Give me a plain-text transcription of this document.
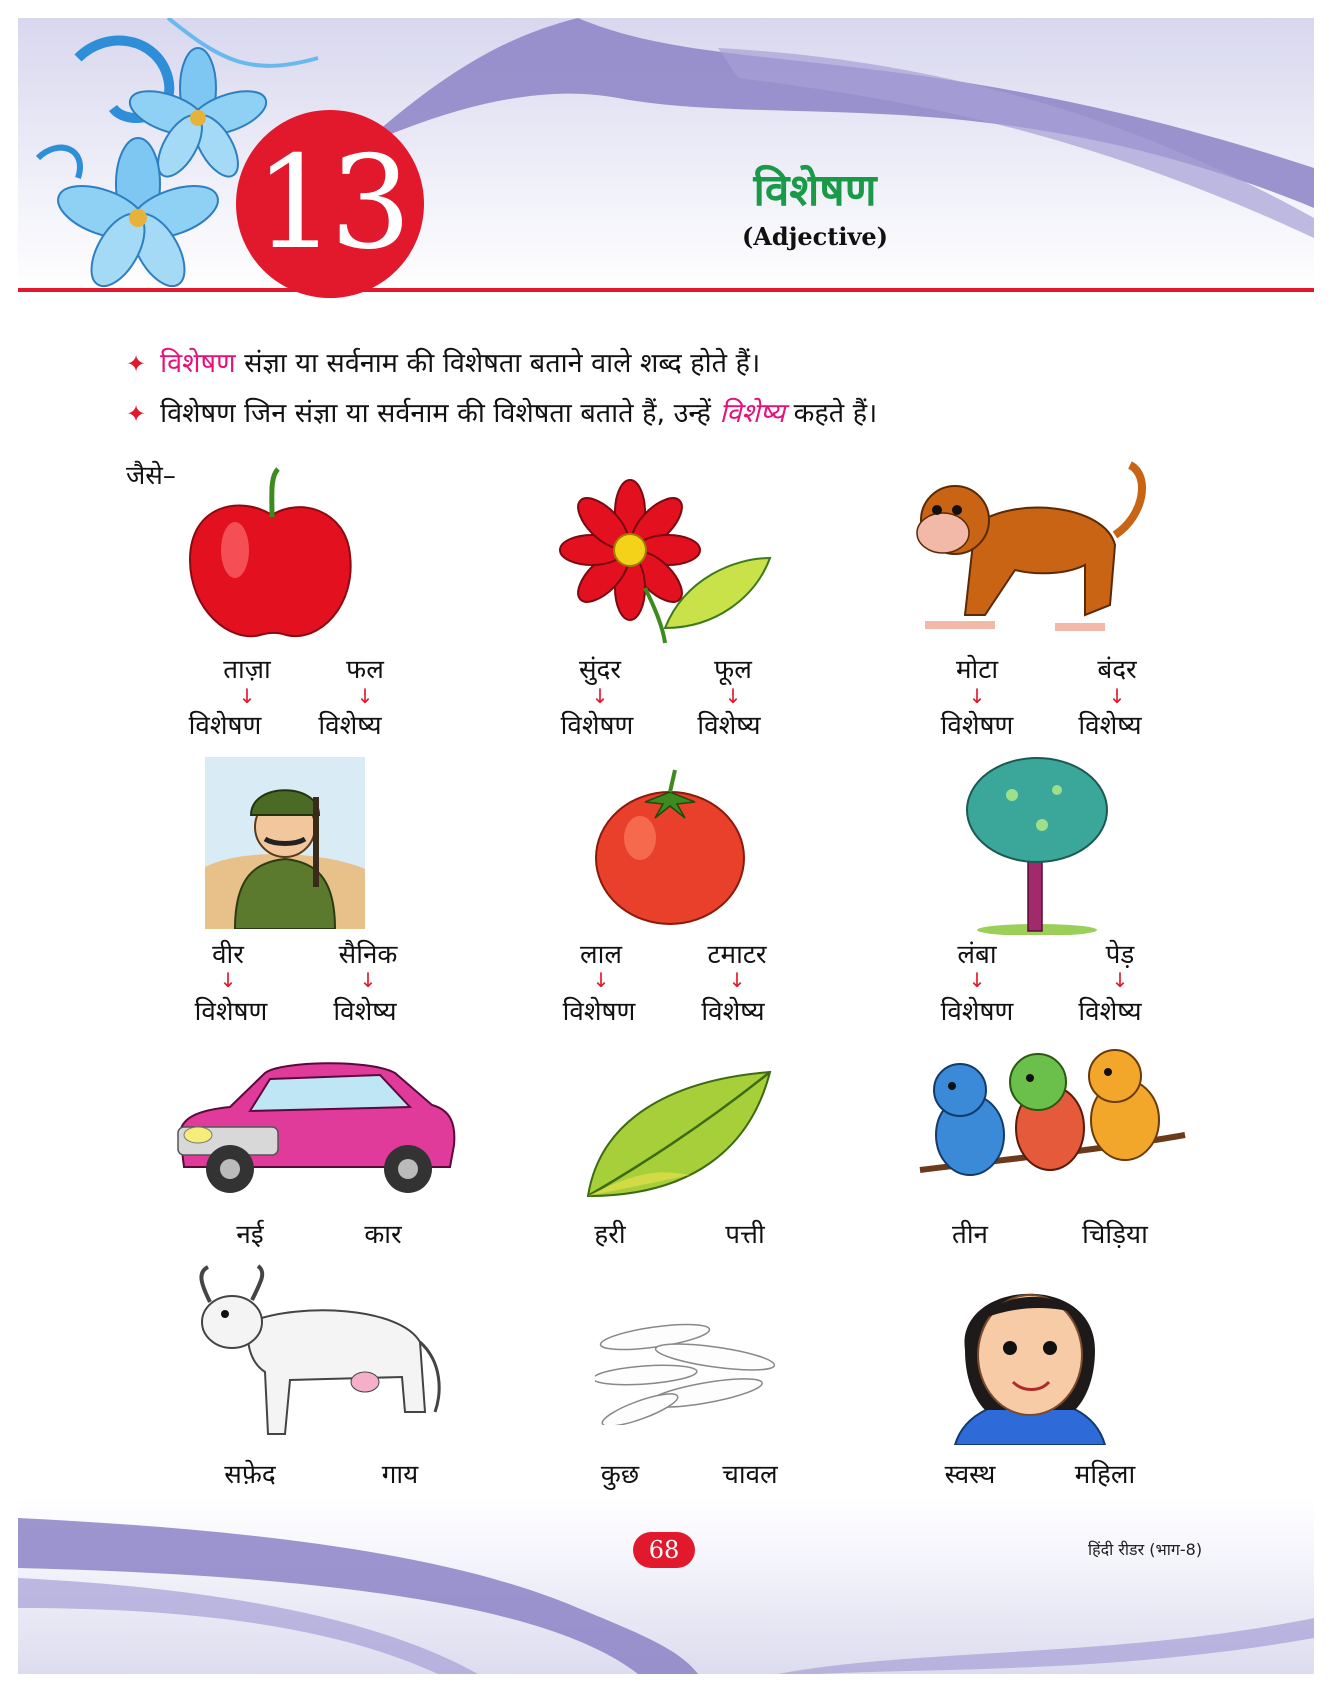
13	विशेषण
(Adjective)
✦ विशेषण संज्ञा या सर्वनाम की विशेषता बताने वाले शब्द होते हैं।
✦ विशेषण जिन संज्ञा या सर्वनाम की विशेषता बताते हैं, उन्हें विशेष्य कहते हैं।
जैसे–
ताज़ा	फल
↓	↓
विशेषण	विशेष्य
सुंदर	फूल
↓	↓
विशेषण	विशेष्य
मोटा	बंदर
↓	↓
विशेषण	विशेष्य
वीर	सैनिक
↓	↓
विशेषण	विशेष्य
लाल	टमाटर
↓	↓
विशेषण	विशेष्य
लंबा	पेड़
↓	↓
विशेषण	विशेष्य
नई	कार	हरी	पत्ती	तीन	चिड़िया
सफ़ेद	गाय	कुछ	चावल	स्वस्थ	महिला
68	हिंदी रीडर (भाग-8)
